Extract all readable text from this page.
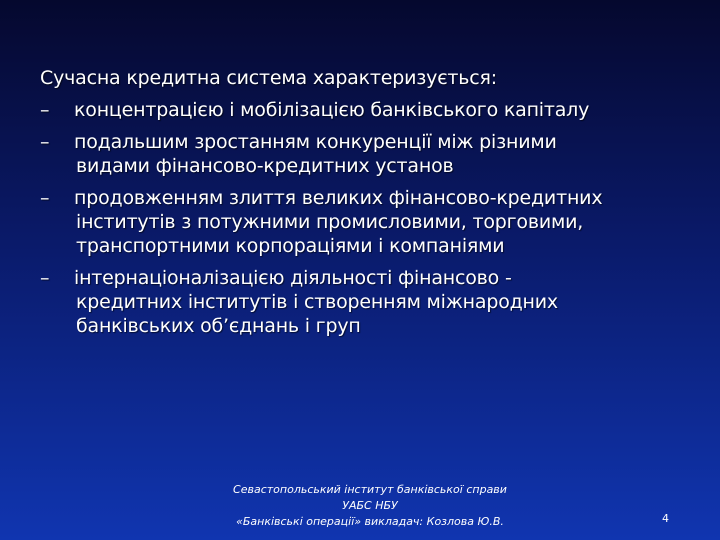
Сучасна кредитна система характеризується:
–	концентрацією і мобілізацією банківського капіталу
–	подальшим зростанням конкуренції між різними
видами фінансово-кредитних установ
–	продовженням злиття великих фінансово-кредитних
інститутів з потужними промисловими, торговими,
транспортними корпораціями і компаніями
–	інтернаціоналізацією діяльності фінансово -
кредитних інститутів і створенням міжнародних
банківських об’єднань і груп
Севастопольський інститут банківської справи
УАБС НБУ
«Банківські операції» викладач: Козлова Ю.В.	4
